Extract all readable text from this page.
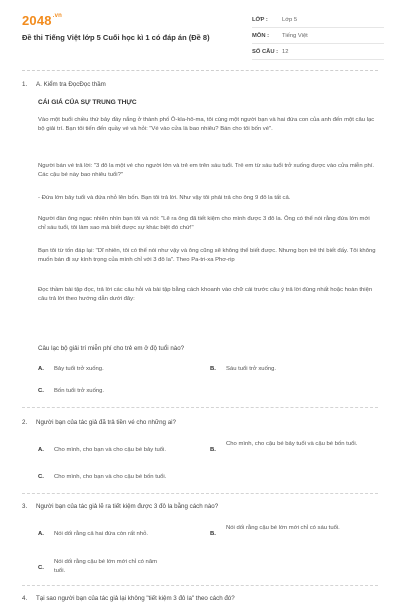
$2048^{.vn}$
Đề thi Tiếng Việt lớp 5 Cuối học kì 1 có đáp án (Đề 8)
LỚP :	Lớp 5
MÔN :	Tiếng Việt
SỐ CÂU : 12
1. A. Kiểm tra ĐọcĐọc thầm
CÁI GIÁ CỦA SỰ TRUNG THỰC
Vào một buổi chiều thứ bảy đầy nắng ở thành phố Ô-kla-hô-ma, tôi cùng một người bạn và hai đứa con của anh đến một câu lạc bộ giải trí. Bạn tôi tiến đến quầy vé và hỏi: "Vé vào cửa là bao nhiêu? Bán cho tôi bốn vé".
Người bán vé trả lời: "3 đô la một vé cho người lớn và trẻ em trên sáu tuổi. Trẻ em từ sáu tuổi trở xuống được vào cửa miễn phí. Các cậu bé này bao nhiêu tuổi?"
- Đứa lớn bảy tuổi và đứa nhỏ lên bốn. Bạn tôi trả lời. Như vậy tôi phải trả cho ông 9 đô la tất cả.
Người đàn ông ngạc nhiên nhìn bạn tôi và nói: "Lẽ ra ông đã tiết kiệm cho mình được 3 đô la. Ông có thể nói rằng đứa lớn mới chỉ sáu tuổi, tôi làm sao mà biết được sự khác biệt đó chứ!"
Bạn tôi từ tốn đáp lại: "Dĩ nhiên, tôi có thể nói như vậy và ông cũng sẽ không thể biết được. Nhưng bọn trẻ thì biết đấy. Tôi không muốn bán đi sự kính trọng của mình chỉ với 3 đô la". Theo Pa-tri-xa Phơ-rip
Đọc thầm bài tập đọc, trả lời các câu hỏi và bài tập bằng cách khoanh vào chữ cái trước câu ý trả lời đúng nhất hoặc hoàn thiện câu trả lời theo hướng dẫn dưới đây:
Câu lạc bộ giải trí miễn phí cho trẻ em ở độ tuổi nào?
A. Bảy tuổi trở xuống.	B. Sáu tuổi trở xuống.
C. Bốn tuổi trở xuống.
2. Người bạn của tác giả đã trả tiền vé cho những ai?
A. Cho mình, cho bạn và cho cậu bé bảy tuổi.	B.
Cho mình, cho cậu bé bảy tuổi và cậu bé bốn tuổi.
C. Cho mình, cho bạn và cho cậu bé bốn tuổi.
3. Người bạn của tác giả lẽ ra tiết kiệm được 3 đô la bằng cách nào?
A. Nói dối rằng cả hai đứa còn rất nhỏ.	B.
Nói dối rằng cậu bé lớn mới chỉ có sáu tuổi.
C.
Nói dối rằng cậu bé lớn mới chỉ có năm tuổi.
4. Tại sao người bạn của tác giả lại không "tiết kiệm 3 đô la" theo cách đó?
